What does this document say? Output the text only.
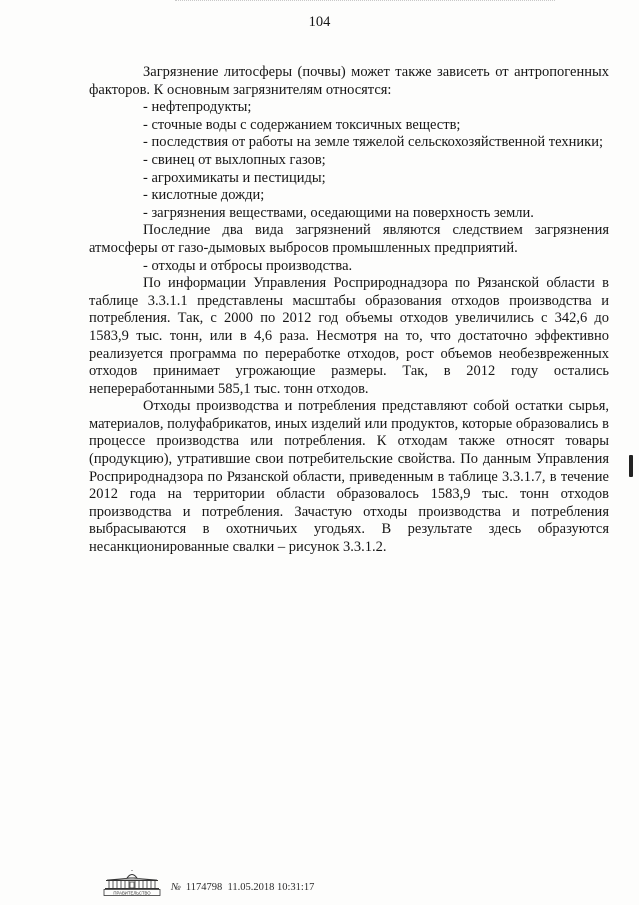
104

Загрязнение литосферы (почвы) может также зависеть от антропогенных факторов. К основным загрязнителям относятся:

- нефтепродукты;

- сточные воды с содержанием токсичных веществ;

- последствия от работы на земле тяжелой сельскохозяйственной техники;

- свинец от выхлопных газов;

- агрохимикаты и пестициды;

- кислотные дожди;

- загрязнения веществами, оседающими на поверхность земли.

Последние два вида загрязнений являются следствием загрязнения атмосферы от газо-дымовых выбросов промышленных предприятий.

- отходы и отбросы производства.

По информации Управления Росприроднадзора по Рязанской области в таблице 3.3.1.1 представлены масштабы образования отходов производства и потребления. Так, с 2000 по 2012 год объемы отходов увеличились с 342,6 до 1583,9 тыс. тонн, или в 4,6 раза. Несмотря на то, что достаточно эффективно реализуется программа по переработке отходов, рост объемов необезвреженных отходов принимает угрожающие размеры. Так, в 2012 году остались непереработанными 585,1 тыс. тонн отходов.

Отходы производства и потребления представляют собой остатки сырья, материалов, полуфабрикатов, иных изделий или продуктов, которые образовались в процессе производства или потребления. К отходам также относят товары (продукцию), утратившие свои потребительские свойства. По данным Управления Росприроднадзора по Рязанской области, приведенным в таблице 3.3.1.7, в течение 2012 года на территории области образовалось 1583,9 тыс. тонн отходов производства и потребления. Зачастую отходы производства и потребления выбрасываются в охотничьих угодьях. В результате здесь образуются несанкционированные свалки – рисунок 3.3.1.2.

ПРАВИТЕЛЬСТВО № 1174798 11.05.2018 10:31:17
